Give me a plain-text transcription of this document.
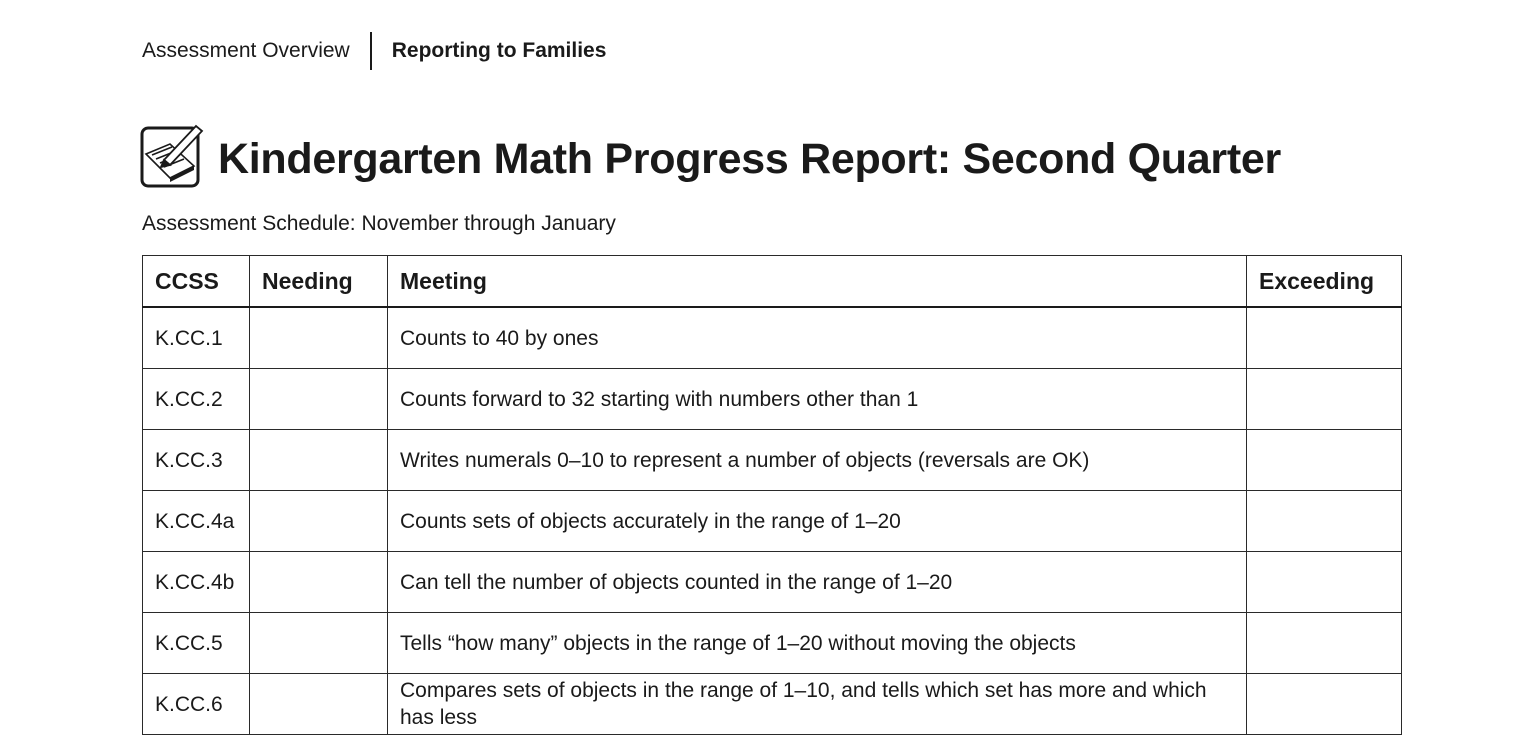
Assessment Overview Reporting to Families
Kindergarten Math Progress Report: Second Quarter
Assessment Schedule: November through January
CCSS	Needing	Meeting	Exceeding
K.CC.1		Counts to 40 by ones	
K.CC.2		Counts forward to 32 starting with numbers other than 1	
K.CC.3		Writes numerals 0–10 to represent a number of objects (reversals are OK)	
K.CC.4a		Counts sets of objects accurately in the range of 1–20	
K.CC.4b		Can tell the number of objects counted in the range of 1–20	
K.CC.5		Tells “how many” objects in the range of 1–20 without moving the objects	
K.CC.6		Compares sets of objects in the range of 1–10, and tells which set has more and which has less	
